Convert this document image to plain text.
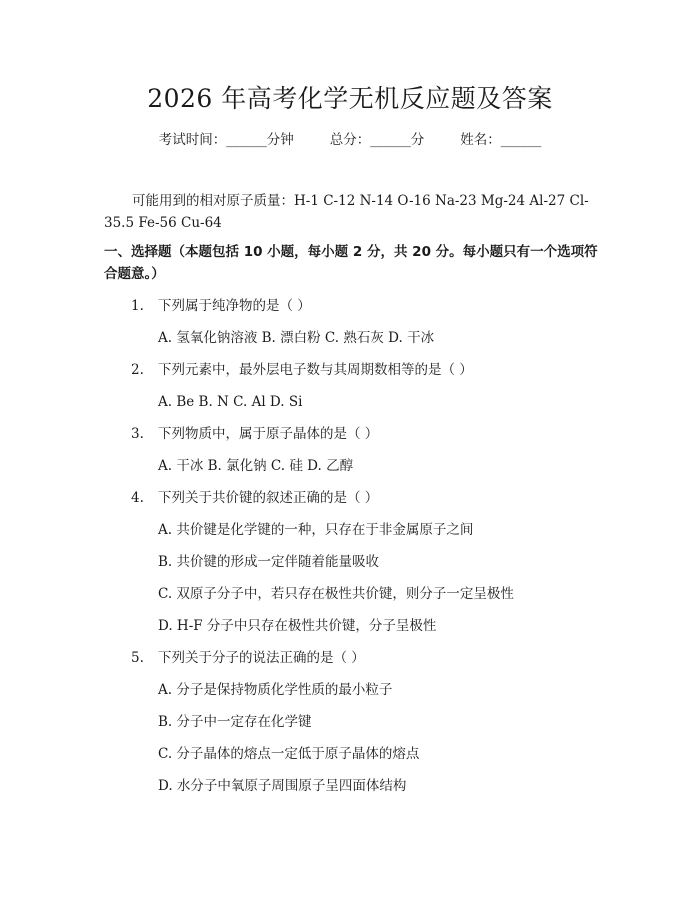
2026 年高考化学无机反应题及答案
考试时间：______分钟	总分：______分	姓名：______
可能用到的相对原子质量：H-1 C-12 N-14 O-16 Na-23 Mg-24 Al-27 Cl-35.5 Fe-56 Cu-64
一、选择题（本题包括 10 小题，每小题 2 分，共 20 分。每小题只有一个选项符合题意。）
1. 下列属于纯净物的是（ ）
A. 氢氧化钠溶液 B. 漂白粉 C. 熟石灰 D. 干冰
2. 下列元素中，最外层电子数与其周期数相等的是（ ）
A. Be B. N C. Al D. Si
3. 下列物质中，属于原子晶体的是（ ）
A. 干冰 B. 氯化钠 C. 硅 D. 乙醇
4. 下列关于共价键的叙述正确的是（ ）
A. 共价键是化学键的一种，只存在于非金属原子之间
B. 共价键的形成一定伴随着能量吸收
C. 双原子分子中，若只存在极性共价键，则分子一定呈极性
D. H-F 分子中只存在极性共价键，分子呈极性
5. 下列关于分子的说法正确的是（ ）
A. 分子是保持物质化学性质的最小粒子
B. 分子中一定存在化学键
C. 分子晶体的熔点一定低于原子晶体的熔点
D. 水分子中氧原子周围原子呈四面体结构
